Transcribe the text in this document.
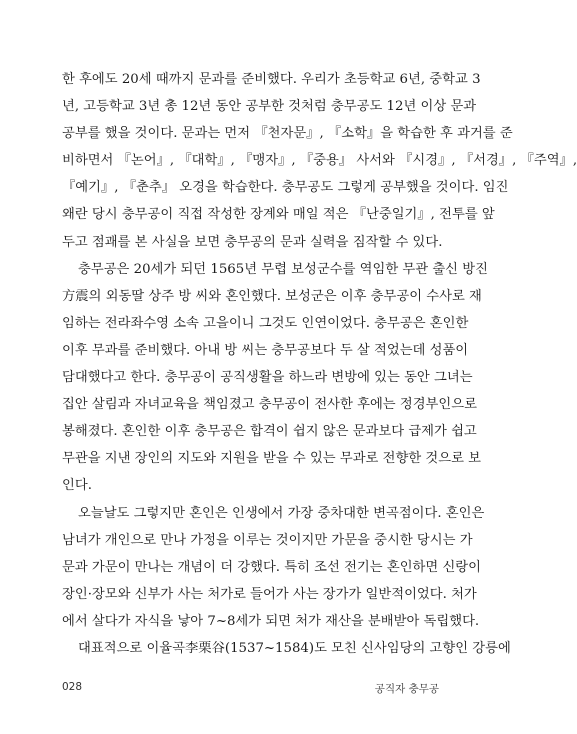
한 후에도 20세 때까지 문과를 준비했다. 우리가 초등학교 6년, 중학교 3
년, 고등학교 3년 총 12년 동안 공부한 것처럼 충무공도 12년 이상 문과
공부를 했을 것이다. 문과는 먼저 『천자문』, 『소학』을 학습한 후 과거를 준
비하면서 『논어』, 『대학』, 『맹자』, 『중용』 사서와 『시경』, 『서경』, 『주역』,
『예기』, 『춘추』 오경을 학습한다. 충무공도 그렇게 공부했을 것이다. 임진
왜란 당시 충무공이 직접 작성한 장계와 매일 적은 『난중일기』, 전투를 앞
두고 점괘를 본 사실을 보면 충무공의 문과 실력을 짐작할 수 있다.
충무공은 20세가 되던 1565년 무렵 보성군수를 역임한 무관 출신 방진
方震의 외동딸 상주 방 씨와 혼인했다. 보성군은 이후 충무공이 수사로 재
임하는 전라좌수영 소속 고을이니 그것도 인연이었다. 충무공은 혼인한
이후 무과를 준비했다. 아내 방 씨는 충무공보다 두 살 적었는데 성품이
담대했다고 한다. 충무공이 공직생활을 하느라 변방에 있는 동안 그녀는
집안 살림과 자녀교육을 책임졌고 충무공이 전사한 후에는 정경부인으로
봉해졌다. 혼인한 이후 충무공은 합격이 쉽지 않은 문과보다 급제가 쉽고
무관을 지낸 장인의 지도와 지원을 받을 수 있는 무과로 전향한 것으로 보
인다.
오늘날도 그렇지만 혼인은 인생에서 가장 중차대한 변곡점이다. 혼인은
남녀가 개인으로 만나 가정을 이루는 것이지만 가문을 중시한 당시는 가
문과 가문이 만나는 개념이 더 강했다. 특히 조선 전기는 혼인하면 신랑이
장인·장모와 신부가 사는 처가로 들어가 사는 장가가 일반적이었다. 처가
에서 살다가 자식을 낳아 7~8세가 되면 처가 재산을 분배받아 독립했다.
대표적으로 이율곡李栗谷(1537~1584)도 모친 신사임당의 고향인 강릉에
028	공직자 충무공
